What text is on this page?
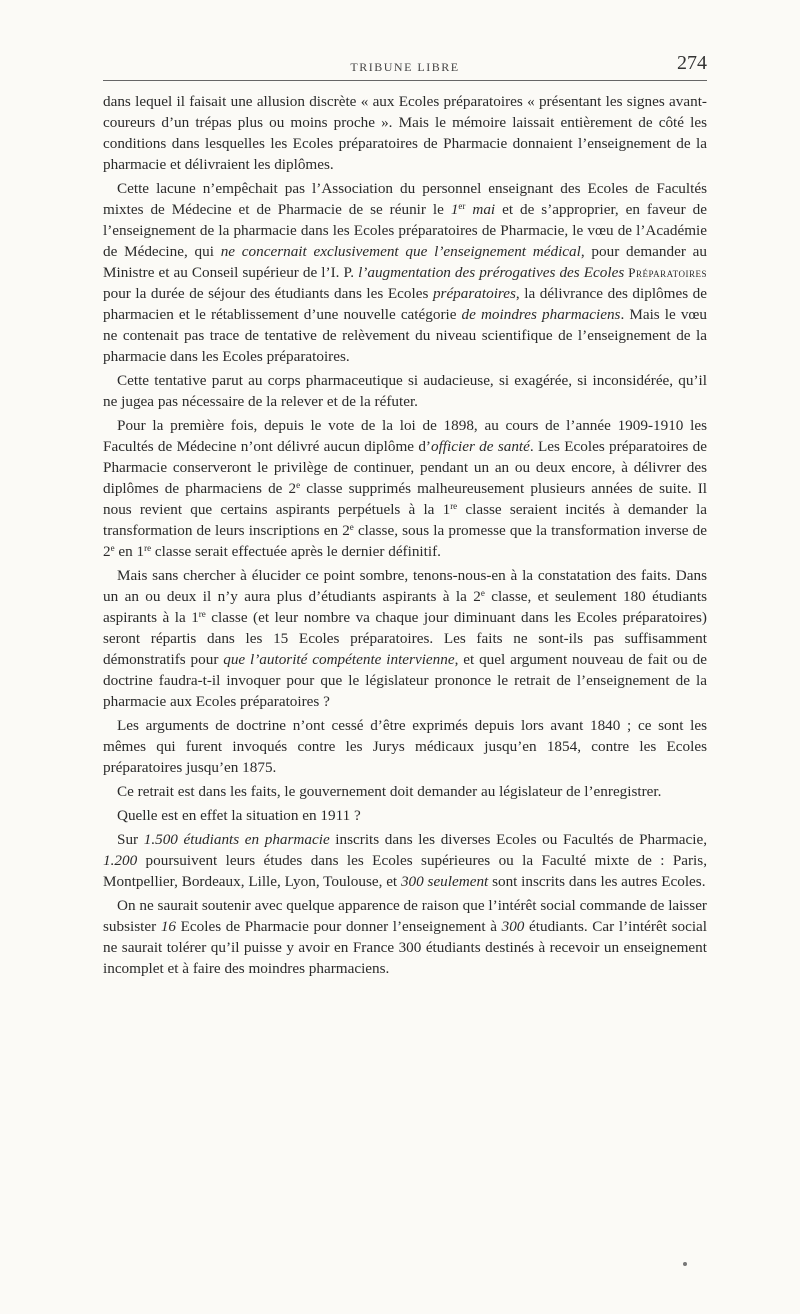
TRIBUNE LIBRE	274

dans lequel il faisait une allusion discrète « aux Ecoles préparatoires « présentant les signes avant-coureurs d’un trépas plus ou moins proche ». Mais le mémoire laissait entièrement de côté les conditions dans lesquelles les Ecoles préparatoires de Pharmacie donnaient l’enseignement de la pharmacie et délivraient les diplômes.

Cette lacune n’empêchait pas l’Association du personnel enseignant des Ecoles de Facultés mixtes de Médecine et de Pharmacie de se réunir le 1er mai et de s’approprier, en faveur de l’enseignement de la pharmacie dans les Ecoles préparatoires de Pharmacie, le vœu de l’Académie de Médecine, qui ne concernait exclusivement que l’enseignement médical, pour demander au Ministre et au Conseil supérieur de l’I. P. l’augmentation des prérogatives des Ecoles Préparatoires pour la durée de séjour des étudiants dans les Ecoles préparatoires, la délivrance des diplômes de pharmacien et le rétablissement d’une nouvelle catégorie de moindres pharmaciens. Mais le vœu ne contenait pas trace de tentative de relèvement du niveau scientifique de l’enseignement de la pharmacie dans les Ecoles préparatoires.

Cette tentative parut au corps pharmaceutique si audacieuse, si exagérée, si inconsidérée, qu’il ne jugea pas nécessaire de la relever et de la réfuter.

Pour la première fois, depuis le vote de la loi de 1898, au cours de l’année 1909-1910 les Facultés de Médecine n’ont délivré aucun diplôme d’officier de santé. Les Ecoles préparatoires de Pharmacie conserveront le privilège de continuer, pendant un an ou deux encore, à délivrer des diplômes de pharmaciens de 2e classe supprimés malheureusement plusieurs années de suite. Il nous revient que certains aspirants perpétuels à la 1re classe seraient incités à demander la transformation de leurs inscriptions en 2e classe, sous la promesse que la transformation inverse de 2e en 1re classe serait effectuée après le dernier définitif.

Mais sans chercher à élucider ce point sombre, tenons-nous-en à la constatation des faits. Dans un an ou deux il n’y aura plus d’étudiants aspirants à la 2e classe, et seulement 180 étudiants aspirants à la 1re classe (et leur nombre va chaque jour diminuant dans les Ecoles préparatoires) seront répartis dans les 15 Ecoles préparatoires. Les faits ne sont-ils pas suffisamment démonstratifs pour que l’autorité compétente intervienne, et quel argument nouveau de fait ou de doctrine faudra-t-il invoquer pour que le législateur prononce le retrait de l’enseignement de la pharmacie aux Ecoles préparatoires ?

Les arguments de doctrine n’ont cessé d’être exprimés depuis lors avant 1840 ; ce sont les mêmes qui furent invoqués contre les Jurys médicaux jusqu’en 1854, contre les Ecoles préparatoires jusqu’en 1875.

Ce retrait est dans les faits, le gouvernement doit demander au législateur de l’enregistrer.

Quelle est en effet la situation en 1911 ?

Sur 1.500 étudiants en pharmacie inscrits dans les diverses Ecoles ou Facultés de Pharmacie, 1.200 poursuivent leurs études dans les Ecoles supérieures ou la Faculté mixte de : Paris, Montpellier, Bordeaux, Lille, Lyon, Toulouse, et 300 seulement sont inscrits dans les autres Ecoles.

On ne saurait soutenir avec quelque apparence de raison que l’intérêt social commande de laisser subsister 16 Ecoles de Pharmacie pour donner l’enseignement à 300 étudiants. Car l’intérêt social ne saurait tolérer qu’il puisse y avoir en France 300 étudiants destinés à recevoir un enseignement incomplet et à faire des moindres pharmaciens.
